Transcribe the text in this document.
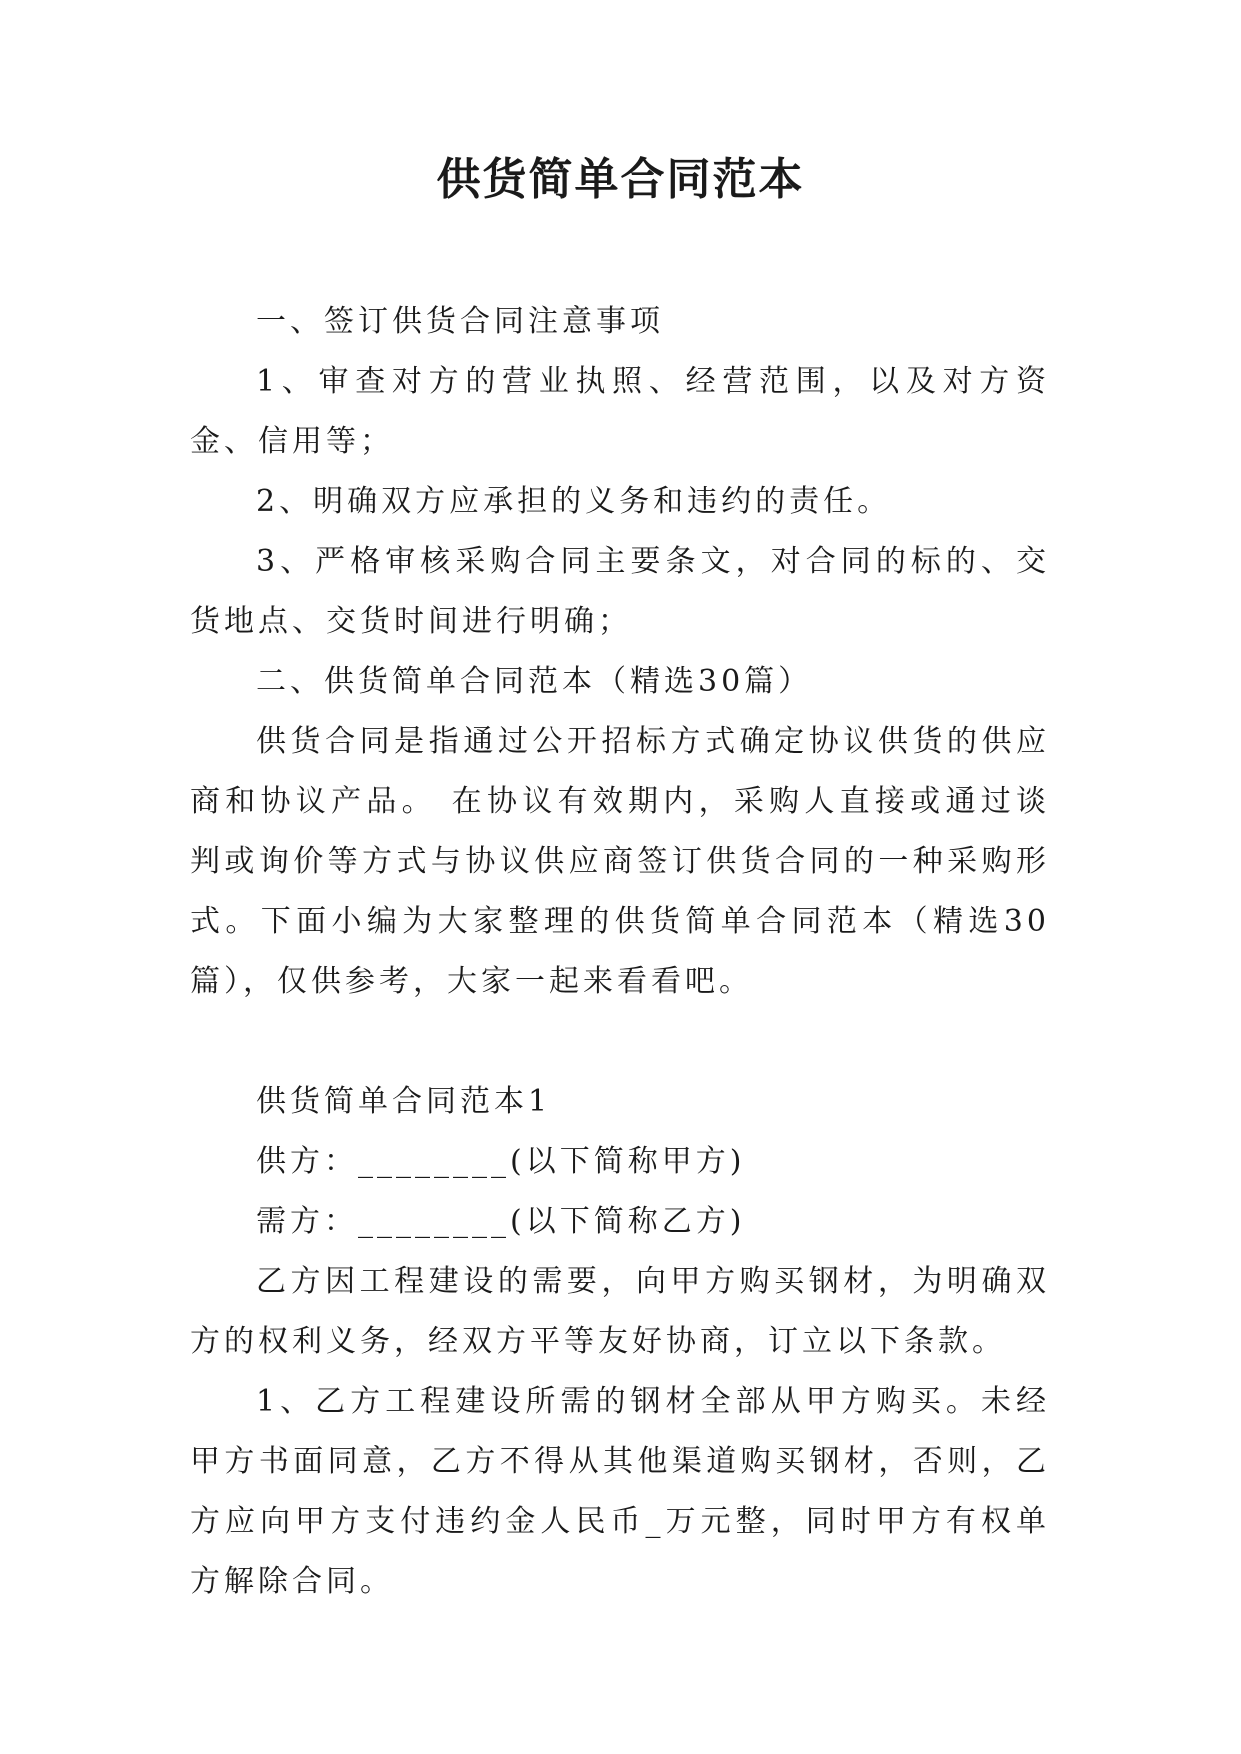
供货简单合同范本

一、签订供货合同注意事项

1、审查对方的营业执照、经营范围，以及对方资金、信用等；

2、明确双方应承担的义务和违约的责任。

3、严格审核采购合同主要条文，对合同的标的、交货地点、交货时间进行明确；

二、供货简单合同范本（精选30篇）

供货合同是指通过公开招标方式确定协议供货的供应商和协议产品。 在协议有效期内，采购人直接或通过谈判或询价等方式与协议供应商签订供货合同的一种采购形式。下面小编为大家整理的供货简单合同范本（精选30篇），仅供参考，大家一起来看看吧。

供货简单合同范本1

供方：________(以下简称甲方)

需方：________(以下简称乙方)

乙方因工程建设的需要，向甲方购买钢材，为明确双方的权利义务，经双方平等友好协商，订立以下条款。

1、乙方工程建设所需的钢材全部从甲方购买。未经甲方书面同意，乙方不得从其他渠道购买钢材，否则，乙方应向甲方支付违约金人民币_万元整，同时甲方有权单方解除合同。
